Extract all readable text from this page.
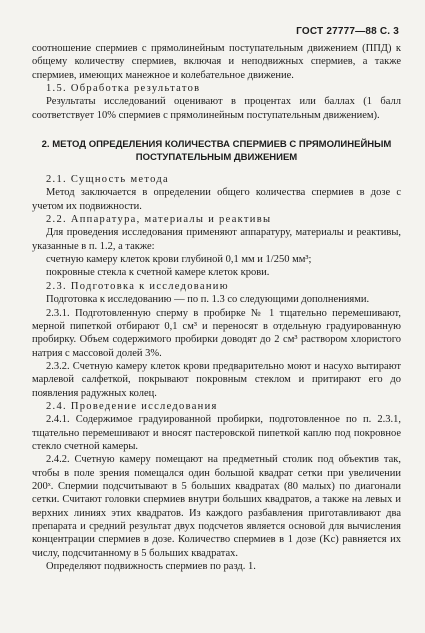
ГОСТ 27777—88 С. 3

соотношение спермиев с прямолинейным поступательным движением (ППД) к общему количеству спермиев, включая и неподвижных спермиев, а также спермиев, имеющих манежное и колебательное движение.

1.5. Обработка результатов

Результаты исследований оценивают в процентах или баллах (1 балл соответствует 10% спермиев с прямолинейным поступательным движением).

2. МЕТОД ОПРЕДЕЛЕНИЯ КОЛИЧЕСТВА СПЕРМИЕВ С ПРЯМОЛИНЕЙНЫМ ПОСТУПАТЕЛЬНЫМ ДВИЖЕНИЕМ

2.1. Сущность метода

Метод заключается в определении общего количества спермиев в дозе с учетом их подвижности.

2.2. Аппаратура, материалы и реактивы

Для проведения исследования применяют аппаратуру, материалы и реактивы, указанные в п. 1.2, а также:

счетную камеру клеток крови глубиной 0,1 мм и 1/250 мм³;

покровные стекла к счетной камере клеток крови.

2.3. Подготовка к исследованию

Подготовка к исследованию — по п. 1.3 со следующими дополнениями.

2.3.1. Подготовленную сперму в пробирке № 1 тщательно перемешивают, мерной пипеткой отбирают 0,1 см³ и переносят в отдельную градуированную пробирку. Объем содержимого пробирки доводят до 2 см³ раствором хлористого натрия с массовой долей 3%.

2.3.2. Счетную камеру клеток крови предварительно моют и насухо вытирают марлевой салфеткой, покрывают покровным стеклом и притирают его до появления радужных колец.

2.4. Проведение исследования

2.4.1. Содержимое градуированной пробирки, подготовленное по п. 2.3.1, тщательно перемешивают и вносят пастеровской пипеткой каплю под покровное стекло счетной камеры.

2.4.2. Счетную камеру помещают на предметный столик под объектив так, чтобы в поле зрения помещался один большой квадрат сетки при увеличении 200ˣ. Спермии подсчитывают в 5 больших квадратах (80 малых) по диагонали сетки. Считают головки спермиев внутри больших квадратов, а также на левых и верхних линиях этих квадратов. Из каждого разбавления приготавливают два препарата и средний результат двух подсчетов является основой для вычисления концентрации спермиев в дозе. Количество спермиев в 1 дозе (Kс) равняется их числу, подсчитанному в 5 больших квадратах.

Определяют подвижность спермиев по разд. 1.
